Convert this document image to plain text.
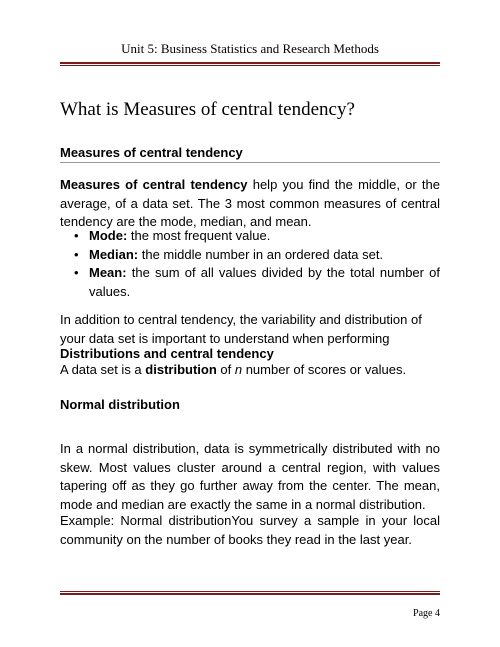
Unit 5: Business Statistics and Research Methods
What is Measures of central tendency?
Measures of central tendency

Measures of central tendency help you find the middle, or the average, of a data set. The 3 most common measures of central tendency are the mode, median, and mean.

• Mode: the most frequent value.
• Median: the middle number in an ordered data set.
• Mean: the sum of all values divided by the total number of values.

In addition to central tendency, the variability and distribution of your data set is important to understand when performing

Distributions and central tendency

A data set is a distribution of n number of scores or values.

Normal distribution

In a normal distribution, data is symmetrically distributed with no skew. Most values cluster around a central region, with values tapering off as they go further away from the center. The mean, mode and median are exactly the same in a normal distribution.

Example: Normal distributionYou survey a sample in your local community on the number of books they read in the last year.

Page 4
